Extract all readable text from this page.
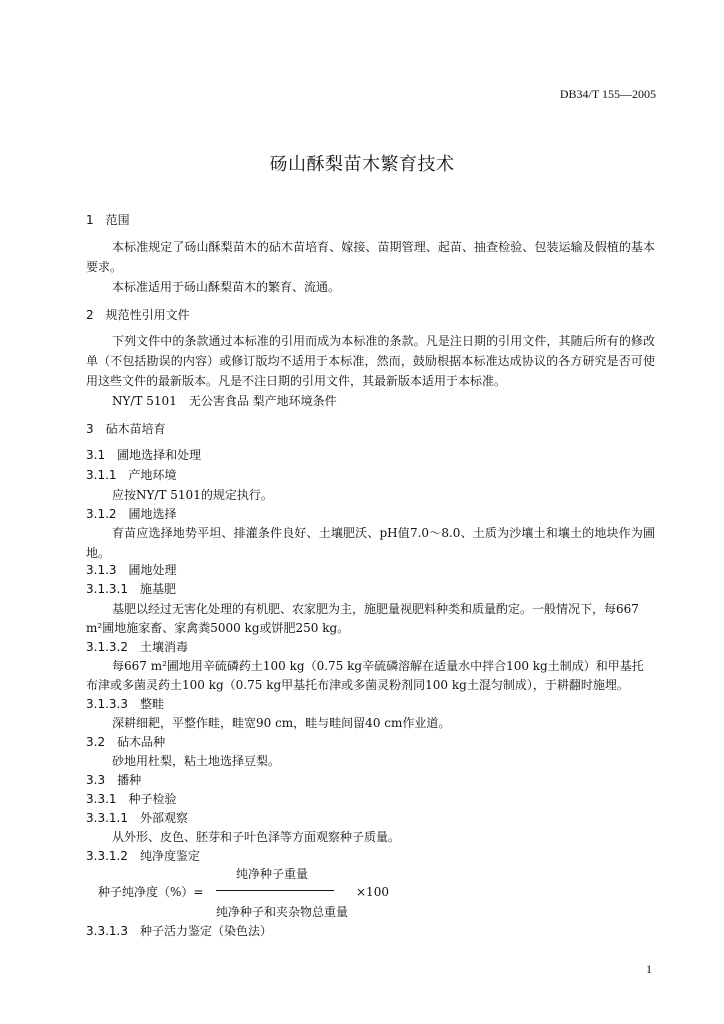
DB34/T 155—2005
砀山酥梨苗木繁育技术
1　范围
本标准规定了砀山酥梨苗木的砧木苗培育、嫁接、苗期管理、起苗、抽查检验、包装运输及假植的基本要求。
本标准适用于砀山酥梨苗木的繁育、流通。
2　规范性引用文件
下列文件中的条款通过本标准的引用而成为本标准的条款。凡是注日期的引用文件，其随后所有的修改单（不包括勘误的内容）或修订版均不适用于本标准，然而，鼓励根据本标准达成协议的各方研究是否可使用这些文件的最新版本。凡是不注日期的引用文件，其最新版本适用于本标准。
NY/T 5101　无公害食品 梨产地环境条件
3　砧木苗培育
3.1　圃地选择和处理
3.1.1　产地环境
应按NY/T 5101的规定执行。
3.1.2　圃地选择
育苗应选择地势平坦、排灌条件良好、土壤肥沃、pH值7.0～8.0、土质为沙壤土和壤土的地块作为圃地。
3.1.3　圃地处理
3.1.3.1　施基肥
基肥以经过无害化处理的有机肥、农家肥为主，施肥量视肥料种类和质量酌定。一般情况下，每667
m²圃地施家畜、家禽粪5000 kg或饼肥250 kg。
3.1.3.2　土壤消毒
每667 m²圃地用辛硫磷药土100 kg（0.75 kg辛硫磷溶解在适量水中拌合100 kg土制成）和甲基托
布津或多菌灵药土100 kg（0.75 kg甲基托布津或多菌灵粉剂同100 kg土混匀制成），于耕翻时施埋。
3.1.3.3　整畦
深耕细耙，平整作畦，畦宽90 cm，畦与畦间留40 cm作业道。
3.2　砧木品种
砂地用杜梨，粘土地选择豆梨。
3.3　播种
3.3.1　种子检验
3.3.1.1　外部观察
从外形、皮色、胚芽和子叶色泽等方面观察种子质量。
3.3.1.2　纯净度鉴定
纯净种子重量
种子纯净度（%）=	×100
纯净种子和夹杂物总重量
3.3.1.3　种子活力鉴定（染色法）
1
